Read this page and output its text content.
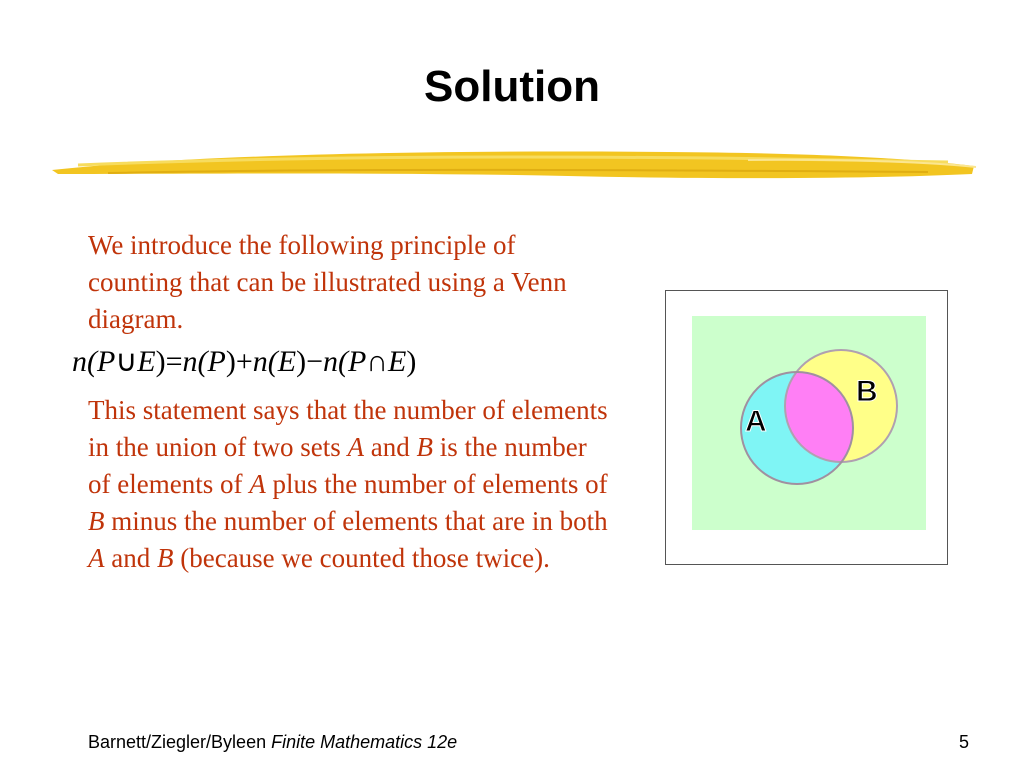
Solution
We introduce the following principle of counting that can be illustrated using a Venn diagram.
n(P∪E)=n(P)+n(E)−n(P∩E)
This statement says that the number of elements in the union of two sets A and B is the number of elements of A plus the number of elements of B minus the number of elements that are in both A and B (because we counted those twice).
A
B
Barnett/Ziegler/Byleen Finite Mathematics 12e	5
